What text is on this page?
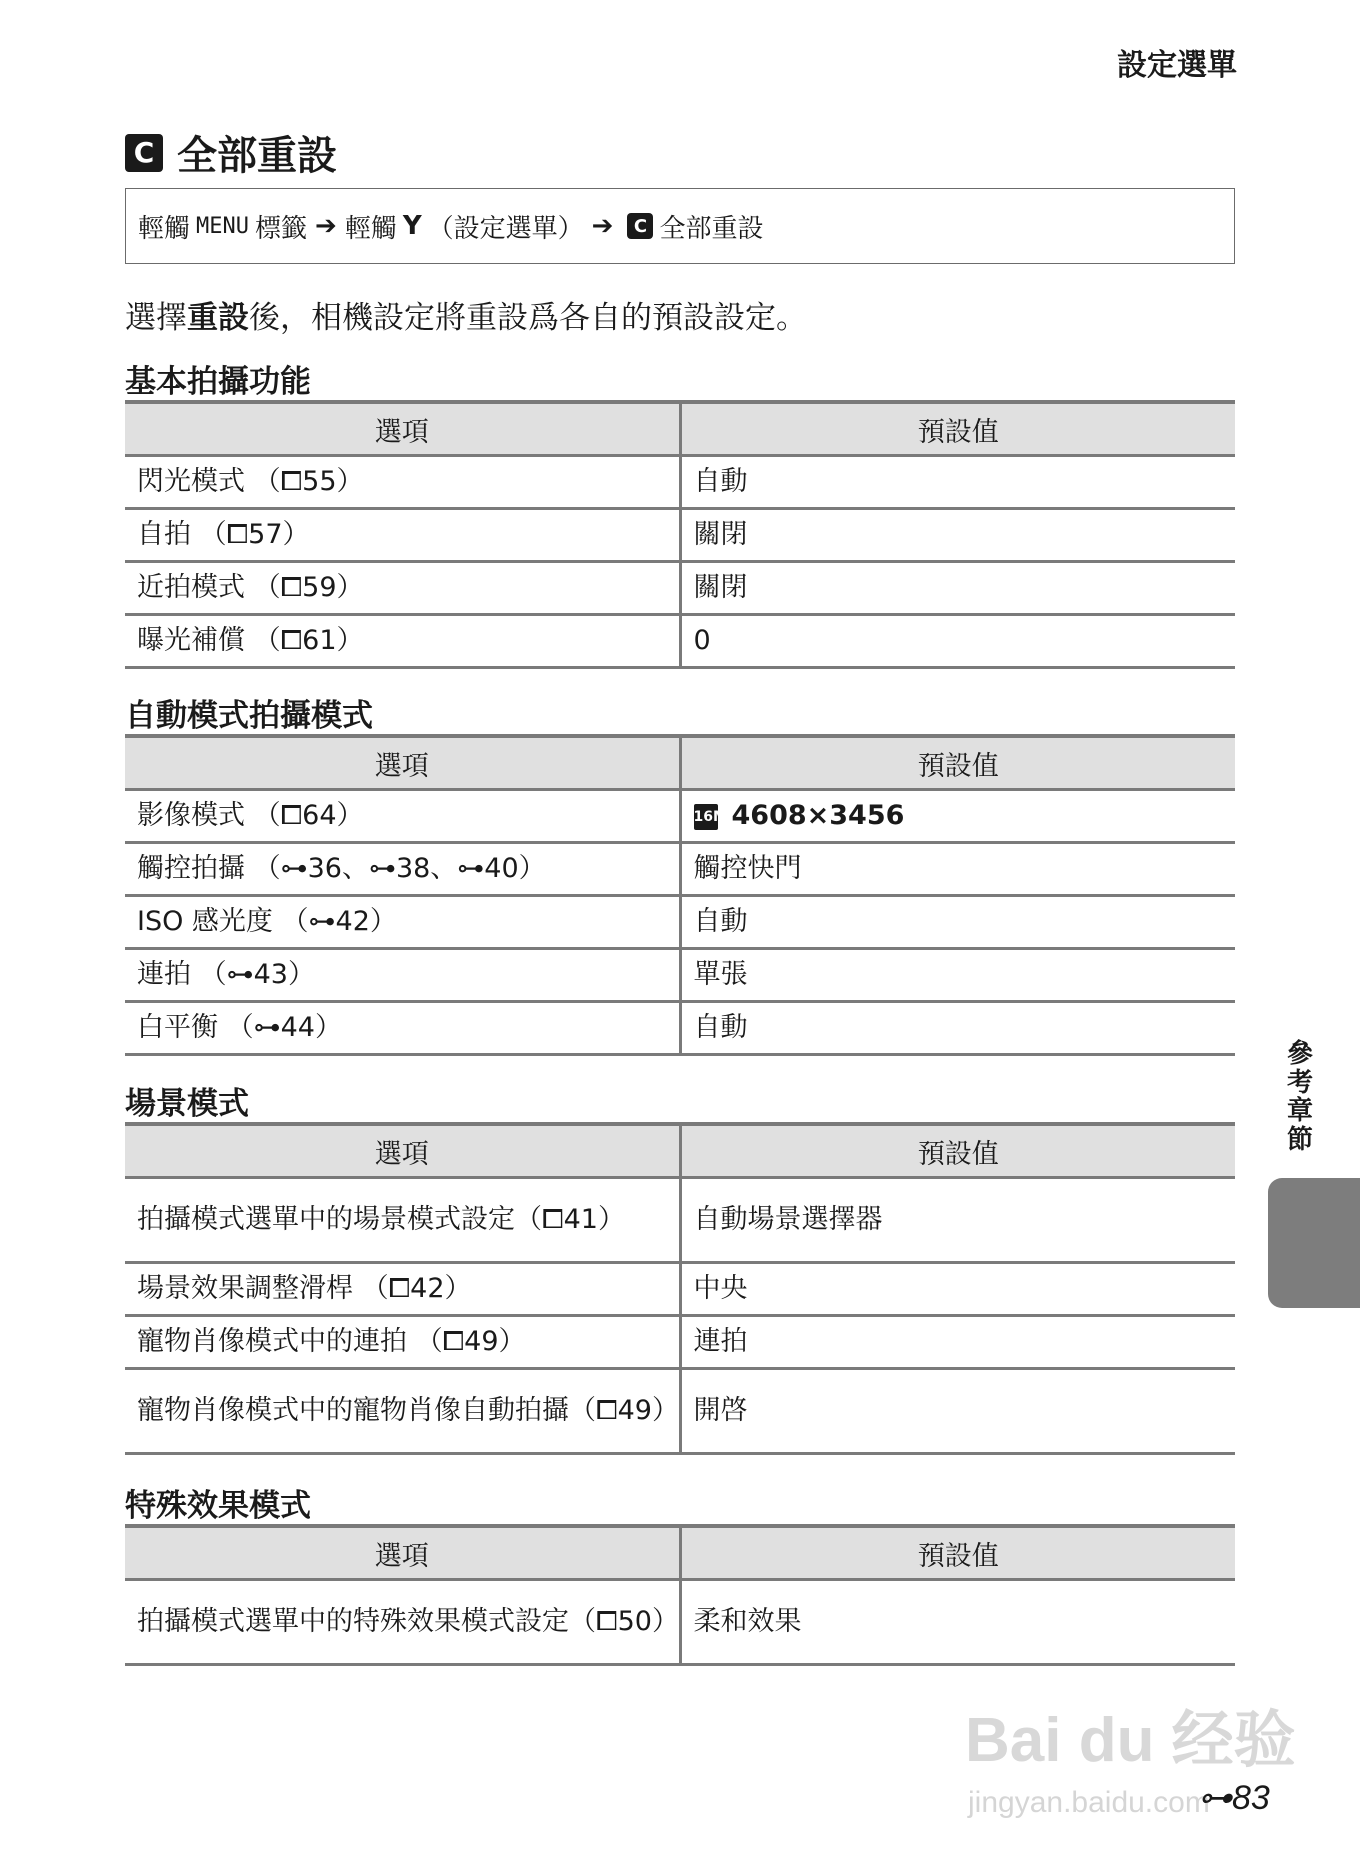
設定選單
C 全部重設
輕觸 MENU 標籤 ➔ 輕觸 Y （設定選單） ➔	C 全部重設
選擇重設後，相機設定將重設爲各自的預設設定。
基本拍攝功能
選項	預設值
閃光模式 （⧠55）	自動
自拍 （⧠57）	關閉
近拍模式 （⧠59）	關閉
曝光補償 （⧠61）	0
自動模式拍攝模式
選項	預設值
影像模式 （⧠64）	16M 4608×3456
觸控拍攝 （⊶36、⊶38、⊶40）	觸控快門
ISO 感光度 （⊶42）	自動
連拍 （⊶43）	單張
白平衡 （⊶44）	自動
場景模式
選項	預設值
拍攝模式選單中的場景模式設定（⧠41）	自動場景選擇器
場景效果調整滑桿 （⧠42）	中央
寵物肖像模式中的連拍 （⧠49）	連拍
寵物肖像模式中的寵物肖像自動拍攝（⧠49）	開啓
特殊效果模式
選項	預設值
拍攝模式選單中的特殊效果模式設定（⧠50）	柔和效果
參考章節
Bai du 经验
jingyan.baidu.com
⊶83
